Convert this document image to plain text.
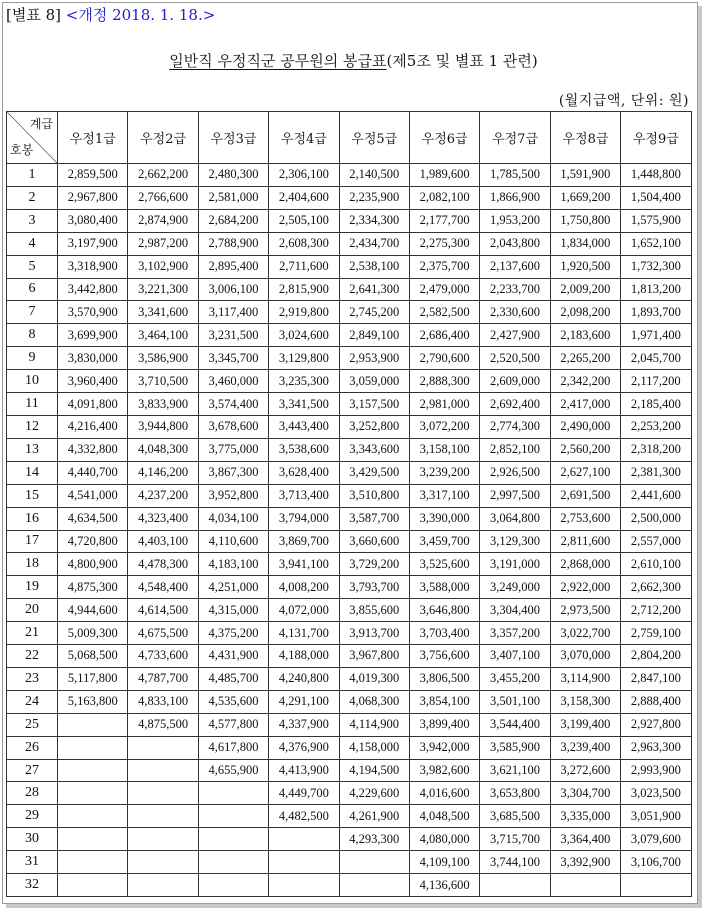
[별표 8] <개정 2018. 1. 18.>
일반직 우정직군 공무원의 봉급표(제5조 및 별표 1 관련)
(월지급액, 단위: 원)
계급
호봉	우정1급	우정2급	우정3급	우정4급	우정5급	우정6급	우정7급	우정8급	우정9급
1	2,859,500	2,662,200	2,480,300	2,306,100	2,140,500	1,989,600	1,785,500	1,591,900	1,448,800
2	2,967,800	2,766,600	2,581,000	2,404,600	2,235,900	2,082,100	1,866,900	1,669,200	1,504,400
3	3,080,400	2,874,900	2,684,200	2,505,100	2,334,300	2,177,700	1,953,200	1,750,800	1,575,900
4	3,197,900	2,987,200	2,788,900	2,608,300	2,434,700	2,275,300	2,043,800	1,834,000	1,652,100
5	3,318,900	3,102,900	2,895,400	2,711,600	2,538,100	2,375,700	2,137,600	1,920,500	1,732,300
6	3,442,800	3,221,300	3,006,100	2,815,900	2,641,300	2,479,000	2,233,700	2,009,200	1,813,200
7	3,570,900	3,341,600	3,117,400	2,919,800	2,745,200	2,582,500	2,330,600	2,098,200	1,893,700
8	3,699,900	3,464,100	3,231,500	3,024,600	2,849,100	2,686,400	2,427,900	2,183,600	1,971,400
9	3,830,000	3,586,900	3,345,700	3,129,800	2,953,900	2,790,600	2,520,500	2,265,200	2,045,700
10	3,960,400	3,710,500	3,460,000	3,235,300	3,059,000	2,888,300	2,609,000	2,342,200	2,117,200
11	4,091,800	3,833,900	3,574,400	3,341,500	3,157,500	2,981,000	2,692,400	2,417,000	2,185,400
12	4,216,400	3,944,800	3,678,600	3,443,400	3,252,800	3,072,200	2,774,300	2,490,000	2,253,200
13	4,332,800	4,048,300	3,775,000	3,538,600	3,343,600	3,158,100	2,852,100	2,560,200	2,318,200
14	4,440,700	4,146,200	3,867,300	3,628,400	3,429,500	3,239,200	2,926,500	2,627,100	2,381,300
15	4,541,000	4,237,200	3,952,800	3,713,400	3,510,800	3,317,100	2,997,500	2,691,500	2,441,600
16	4,634,500	4,323,400	4,034,100	3,794,000	3,587,700	3,390,000	3,064,800	2,753,600	2,500,000
17	4,720,800	4,403,100	4,110,600	3,869,700	3,660,600	3,459,700	3,129,300	2,811,600	2,557,000
18	4,800,900	4,478,300	4,183,100	3,941,100	3,729,200	3,525,600	3,191,000	2,868,000	2,610,100
19	4,875,300	4,548,400	4,251,000	4,008,200	3,793,700	3,588,000	3,249,000	2,922,000	2,662,300
20	4,944,600	4,614,500	4,315,000	4,072,000	3,855,600	3,646,800	3,304,400	2,973,500	2,712,200
21	5,009,300	4,675,500	4,375,200	4,131,700	3,913,700	3,703,400	3,357,200	3,022,700	2,759,100
22	5,068,500	4,733,600	4,431,900	4,188,000	3,967,800	3,756,600	3,407,100	3,070,000	2,804,200
23	5,117,800	4,787,700	4,485,700	4,240,800	4,019,300	3,806,500	3,455,200	3,114,900	2,847,100
24	5,163,800	4,833,100	4,535,600	4,291,100	4,068,300	3,854,100	3,501,100	3,158,300	2,888,400
25		4,875,500	4,577,800	4,337,900	4,114,900	3,899,400	3,544,400	3,199,400	2,927,800
26			4,617,800	4,376,900	4,158,000	3,942,000	3,585,900	3,239,400	2,963,300
27			4,655,900	4,413,900	4,194,500	3,982,600	3,621,100	3,272,600	2,993,900
28				4,449,700	4,229,600	4,016,600	3,653,800	3,304,700	3,023,500
29				4,482,500	4,261,900	4,048,500	3,685,500	3,335,000	3,051,900
30					4,293,300	4,080,000	3,715,700	3,364,400	3,079,600
31						4,109,100	3,744,100	3,392,900	3,106,700
32						4,136,600			
